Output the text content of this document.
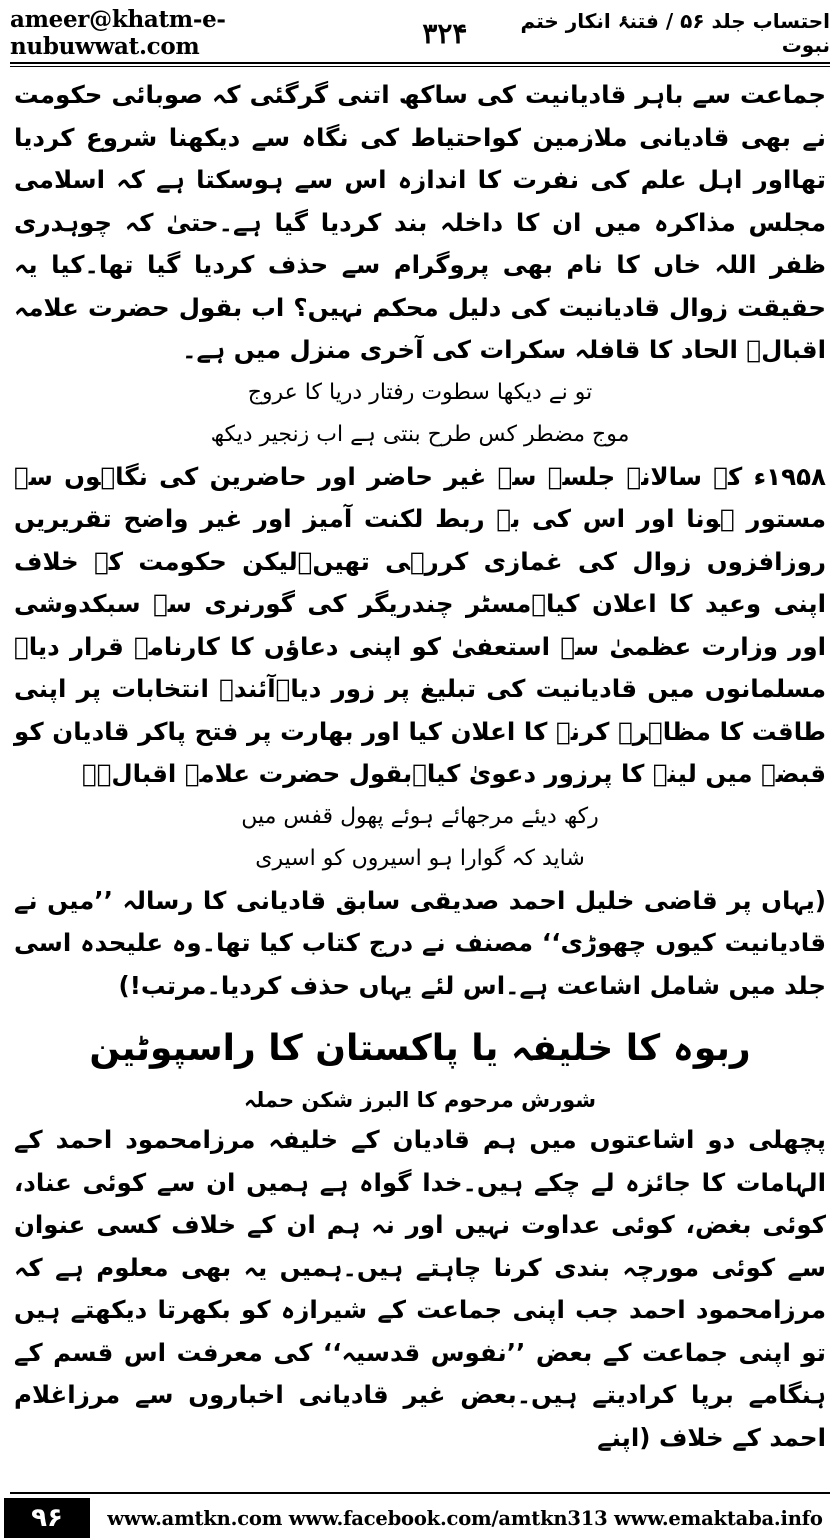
ameer@khatm-e-nubuwwat.com	۳۲۴	احتساب جلد ۵۶ / فتنۂ انکار ختم نبوت

جماعت سے باہر قادیانیت کی ساکھ اتنی گرگئی کہ صوبائی حکومت نے بھی قادیانی ملازمین کواحتیاط کی نگاہ سے دیکھنا شروع کردیا تھااور اہل علم کی نفرت کا اندازہ اس سے ہوسکتا ہے کہ اسلامی مجلس مذاکرہ میں ان کا داخلہ بند کردیا گیا ہے۔حتیٰ کہ چوہدری ظفر اللہ خاں کا نام بھی پروگرام سے حذف کردیا گیا تھا۔کیا یہ حقیقت زوال قادیانیت کی دلیل محکم نہیں؟ اب بقول حضرت علامہ اقبالؒ الحاد کا قافلہ سکرات کی آخری منزل میں ہے۔

تو نے دیکھا سطوت رفتار دریا کا عروج

موج مضطر کس طرح بنتی ہے اب زنجیر دیکھ

۱۹۵۸ء کے سالانہ جلسے سے غیر حاضر اور حاضرین کی نگاہوں سے مستور ہونا اور اس کی بے ربط لکنت آمیز اور غیر واضح تقریریں روزافزوں زوال کی غمازی کررہی تھیں۔لیکن حکومت کے خلاف اپنی وعید کا اعلان کیا۔مسٹر چندریگر کی گورنری سے سبکدوشی اور وزارت عظمیٰ سے استعفیٰ کو اپنی دعاؤں کا کارنامہ قرار دیا۔مسلمانوں میں قادیانیت کی تبلیغ پر زور دیا۔آئندہ انتخابات پر اپنی طاقت کا مظاہرہ کرنے کا اعلان کیا اور بھارت پر فتح پاکر قادیان کو قبضے میں لینے کا پرزور دعویٰ کیا۔بقول حضرت علامہ اقبالؒ۔

رکھ دیئے مرجھائے ہوئے پھول قفس میں

شاید کہ گوارا ہو اسیروں کو اسیری

(یہاں پر قاضی خلیل احمد صدیقی سابق قادیانی کا رسالہ ’’میں نے قادیانیت کیوں چھوڑی‘‘ مصنف نے درج کتاب کیا تھا۔وہ علیحدہ اسی جلد میں شامل اشاعت ہے۔اس لئے یہاں حذف کردیا۔مرتب!)

ربوہ کا خلیفہ یا پاکستان کا راسپوٹین
شورش مرحوم کا البرز شکن حملہ

پچھلی دو اشاعتوں میں ہم قادیان کے خلیفہ مرزامحمود احمد کے الہامات کا جائزہ لے چکے ہیں۔خدا گواہ ہے ہمیں ان سے کوئی عناد، کوئی بغض، کوئی عداوت نہیں اور نہ ہم ان کے خلاف کسی عنوان سے کوئی مورچہ بندی کرنا چاہتے ہیں۔ہمیں یہ بھی معلوم ہے کہ مرزامحمود احمد جب اپنی جماعت کے شیرازہ کو بکھرتا دیکھتے ہیں تو اپنی جماعت کے بعض ’’نفوس قدسیہ‘‘ کی معرفت اس قسم کے ہنگامے برپا کرادیتے ہیں۔بعض غیر قادیانی اخباروں سے مرزاغلام احمد کے خلاف (اپنے

۹۶	www.amtkn.com www.facebook.com/amtkn313 www.emaktaba.info
